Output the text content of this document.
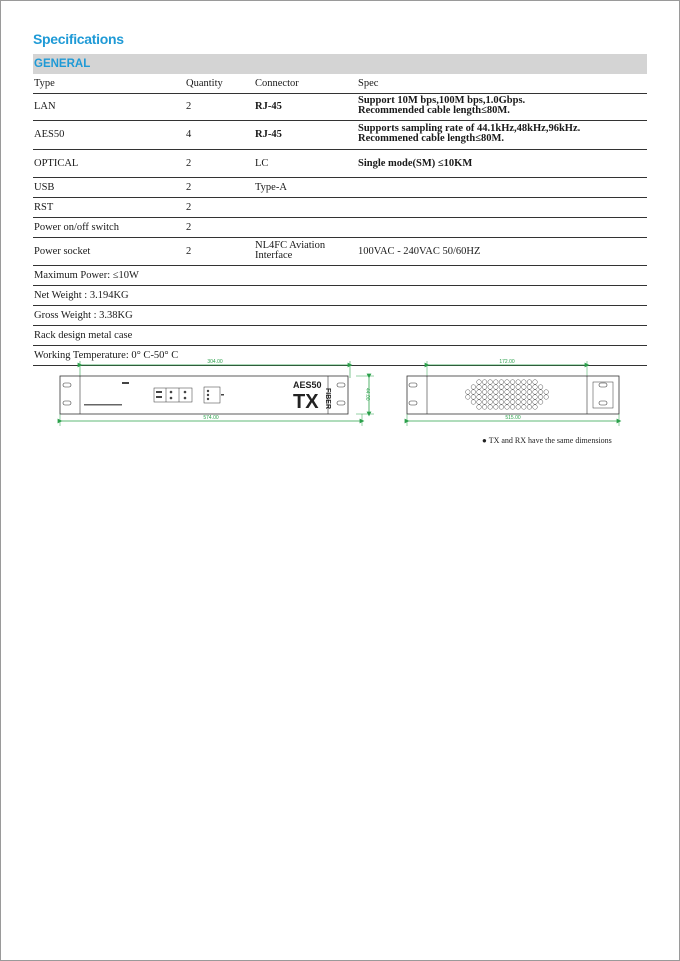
Specifications
GENERAL
Type	Quantity	Connector	Spec
LAN	2	RJ-45
Support 10M bps,100M bps,1.0Gbps.
Recommended cable length≤80M.
AES50	4	RJ-45
Supports sampling rate of 44.1kHz,48kHz,96kHz.
Recommened cable length≤80M.
OPTICAL	2	LC	Single mode(SM) ≤10KM
USB	2	Type-A
RST	2
Power on/off switch	2
Power socket	2
NL4FC Aviation
Interface	100VAC - 240VAC 50/60HZ
Maximum Power: ≤10W
Net Weight : 3.194KG
Gross Weight : 3.38KG
Rack design metal case
Working Temperature: 0° C-50° C
304.00
AES50
TX FIBER	44.00
574.00
172.00
515.00
● TX and RX have the same dimensions
